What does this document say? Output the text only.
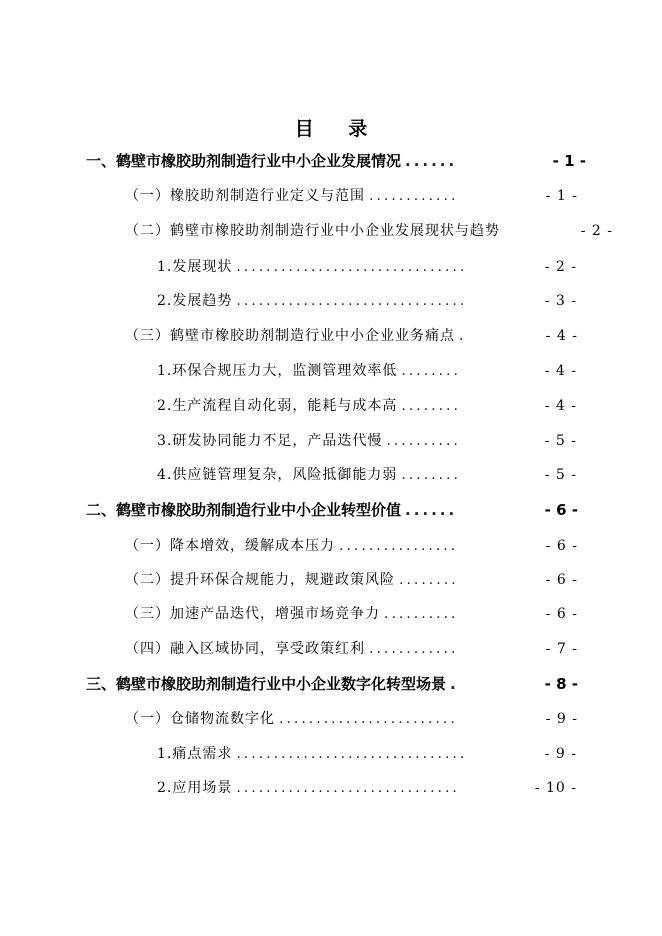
目 录
一、鹤壁市橡胶助剂制造行业中小企业发展情况 ......	- 1 -
（一）橡胶助剂制造行业定义与范围 ............	- 1 -
（二）鹤壁市橡胶助剂制造行业中小企业发展现状与趋势	- 2 -
1.发展现状 ...............................	- 2 -
2.发展趋势 ...............................	- 3 -
（三）鹤壁市橡胶助剂制造行业中小企业业务痛点 .	- 4 -
1.环保合规压力大，监测管理效率低 ........	- 4 -
2.生产流程自动化弱，能耗与成本高 ........	- 4 -
3.研发协同能力不足，产品迭代慢 ..........	- 5 -
4.供应链管理复杂，风险抵御能力弱 ........	- 5 -
二、鹤壁市橡胶助剂制造行业中小企业转型价值 ......	- 6 -
（一）降本增效，缓解成本压力 ................	- 6 -
（二）提升环保合规能力，规避政策风险 ........	- 6 -
（三）加速产品迭代，增强市场竞争力 ..........	- 6 -
（四）融入区域协同，享受政策红利 ............	- 7 -
三、鹤壁市橡胶助剂制造行业中小企业数字化转型场景 .	- 8 -
（一）仓储物流数字化 ........................	- 9 -
1.痛点需求 ...............................	- 9 -
2.应用场景 ..............................	- 10 -
